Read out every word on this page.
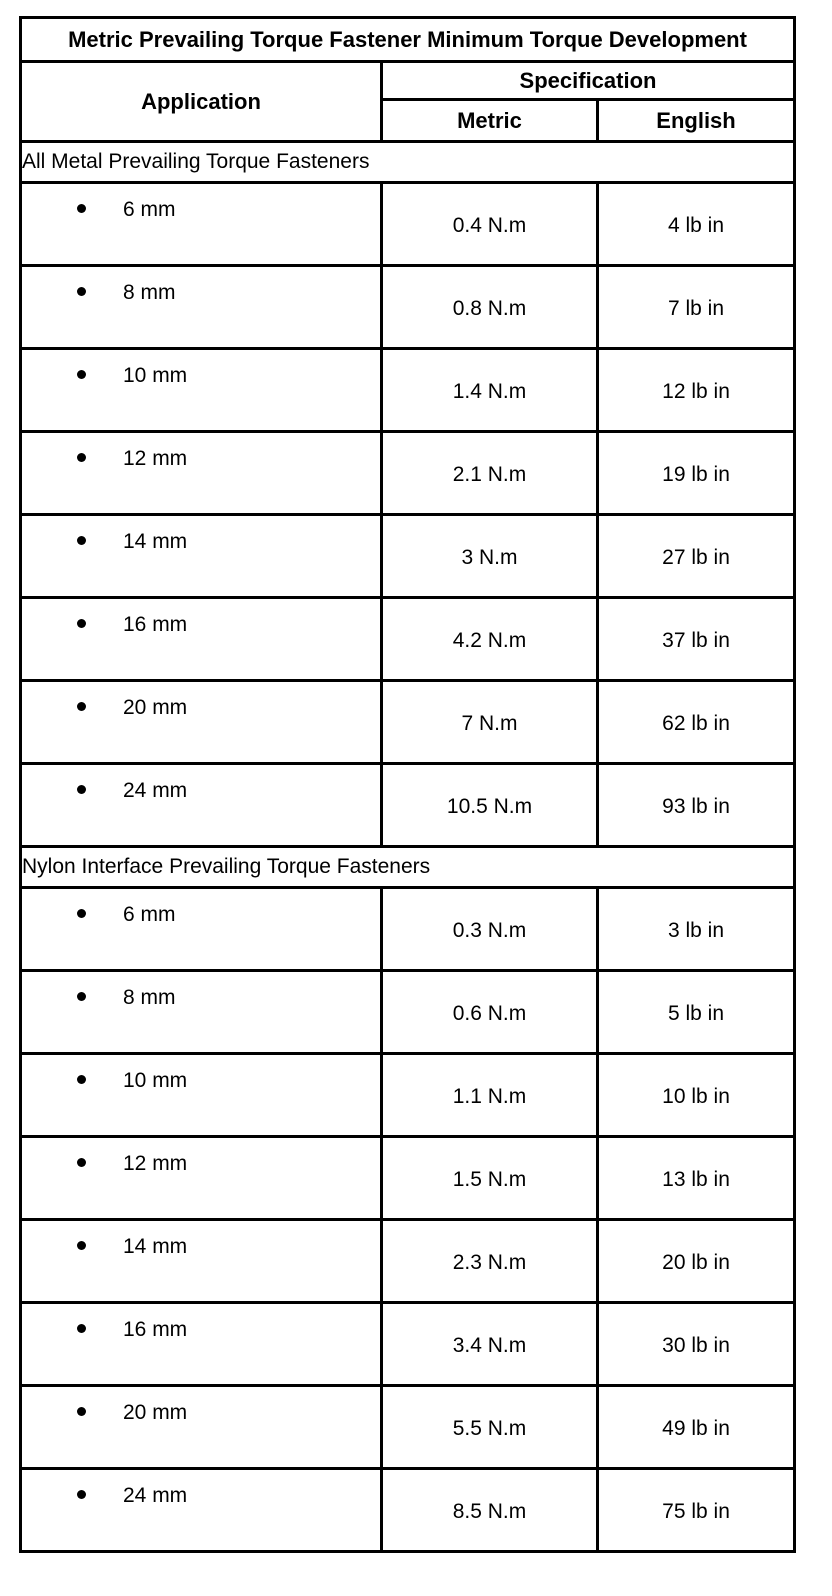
Metric Prevailing Torque Fastener Minimum Torque Development		
Application	Specification	
	Metric	English
All Metal Prevailing Torque Fasteners		
6 mm	0.4 N.m	4 lb in
8 mm	0.8 N.m	7 lb in
10 mm	1.4 N.m	12 lb in
12 mm	2.1 N.m	19 lb in
14 mm	3 N.m	27 lb in
16 mm	4.2 N.m	37 lb in
20 mm	7 N.m	62 lb in
24 mm	10.5 N.m	93 lb in
Nylon Interface Prevailing Torque Fasteners		
6 mm	0.3 N.m	3 lb in
8 mm	0.6 N.m	5 lb in
10 mm	1.1 N.m	10 lb in
12 mm	1.5 N.m	13 lb in
14 mm	2.3 N.m	20 lb in
16 mm	3.4 N.m	30 lb in
20 mm	5.5 N.m	49 lb in
24 mm	8.5 N.m	75 lb in
